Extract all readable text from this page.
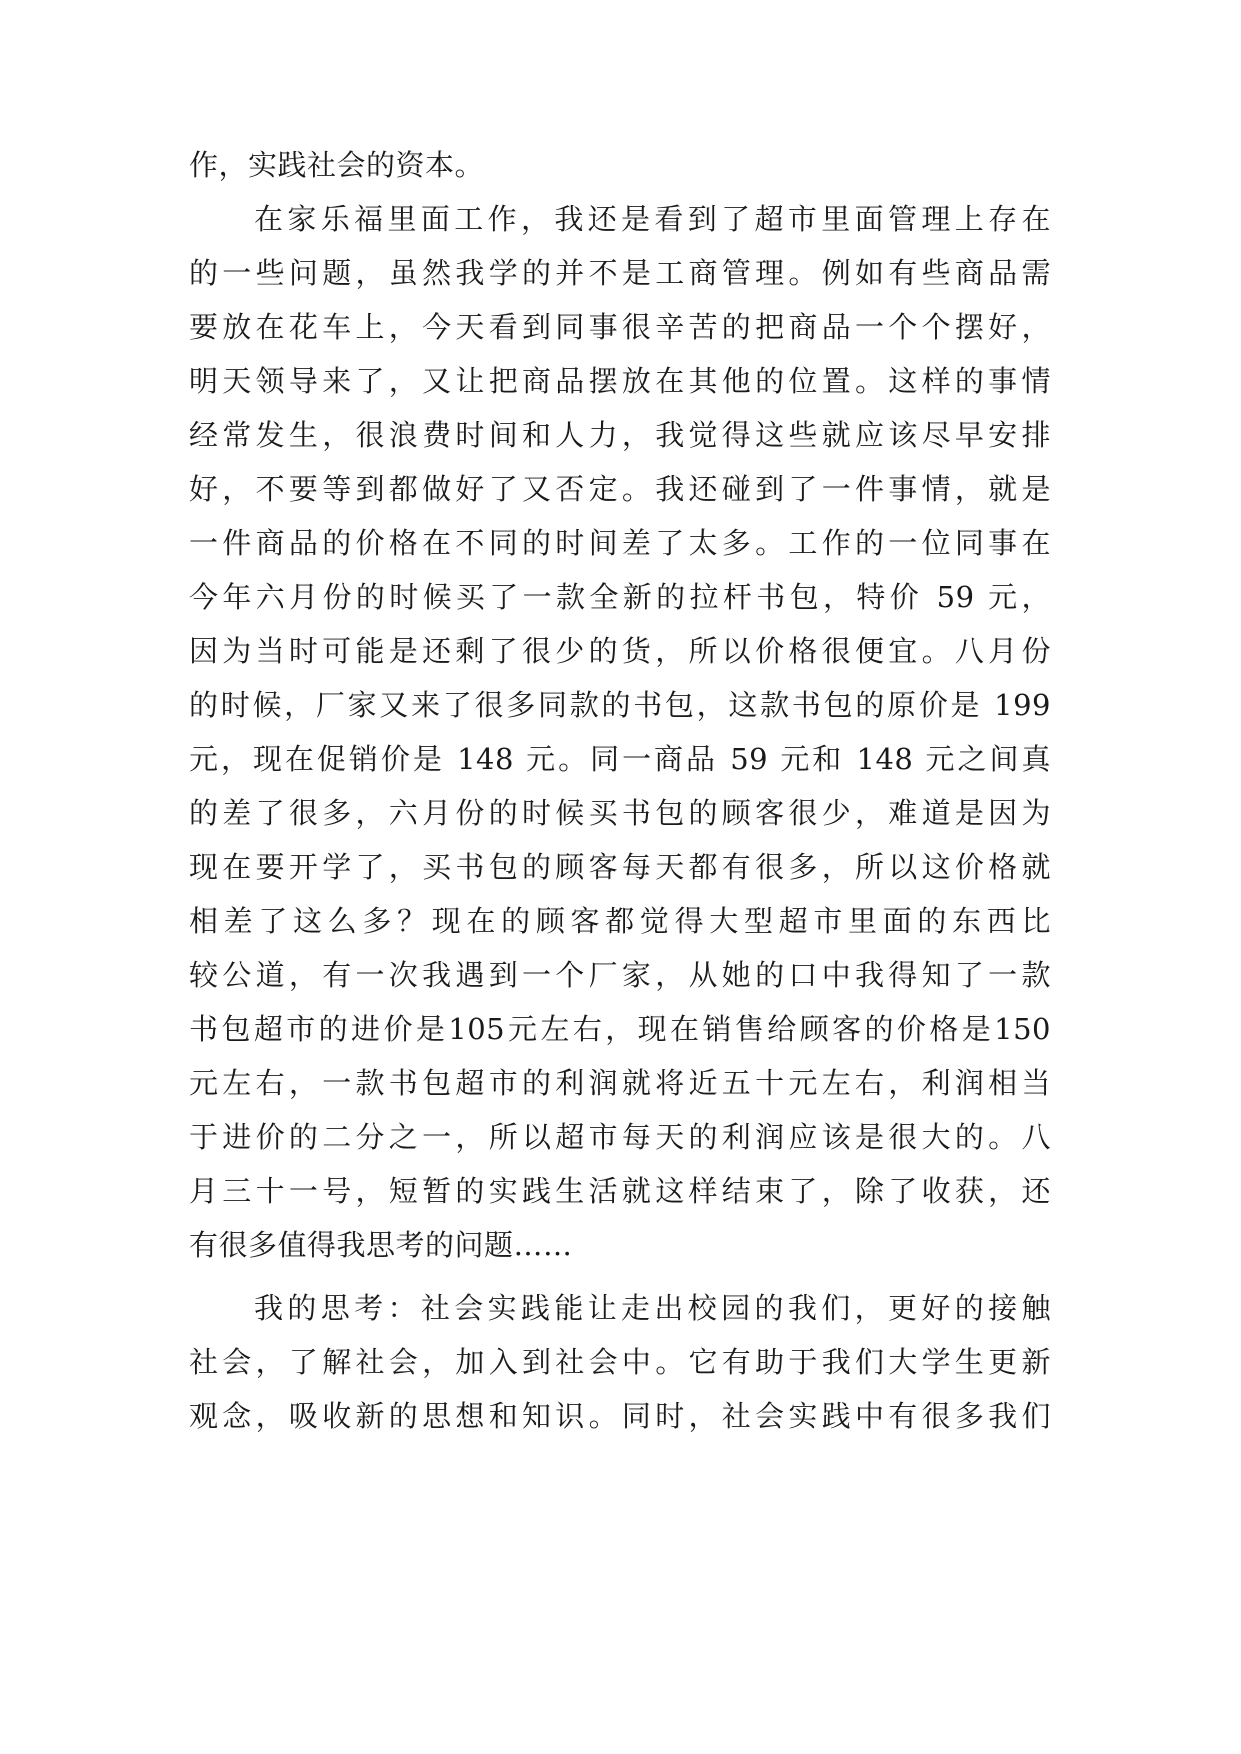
作，实践社会的资本。
在家乐福里面工作，我还是看到了超市里面管理上存在
的一些问题，虽然我学的并不是工商管理。例如有些商品需
要放在花车上，今天看到同事很辛苦的把商品一个个摆好，
明天领导来了，又让把商品摆放在其他的位置。这样的事情
经常发生，很浪费时间和人力，我觉得这些就应该尽早安排
好，不要等到都做好了又否定。我还碰到了一件事情，就是
一件商品的价格在不同的时间差了太多。工作的一位同事在
今年六月份的时候买了一款全新的拉杆书包，特价 59 元，
因为当时可能是还剩了很少的货，所以价格很便宜。八月份
的时候，厂家又来了很多同款的书包，这款书包的原价是 199
元，现在促销价是 148 元。同一商品 59 元和 148 元之间真
的差了很多，六月份的时候买书包的顾客很少，难道是因为
现在要开学了，买书包的顾客每天都有很多，所以这价格就
相差了这么多？现在的顾客都觉得大型超市里面的东西比
较公道，有一次我遇到一个厂家，从她的口中我得知了一款
书包超市的进价是105元左右，现在销售给顾客的价格是150
元左右，一款书包超市的利润就将近五十元左右，利润相当
于进价的二分之一，所以超市每天的利润应该是很大的。八
月三十一号，短暂的实践生活就这样结束了，除了收获，还
有很多值得我思考的问题……
我的思考：社会实践能让走出校园的我们，更好的接触
社会，了解社会，加入到社会中。它有助于我们大学生更新
观念，吸收新的思想和知识。同时，社会实践中有很多我们
